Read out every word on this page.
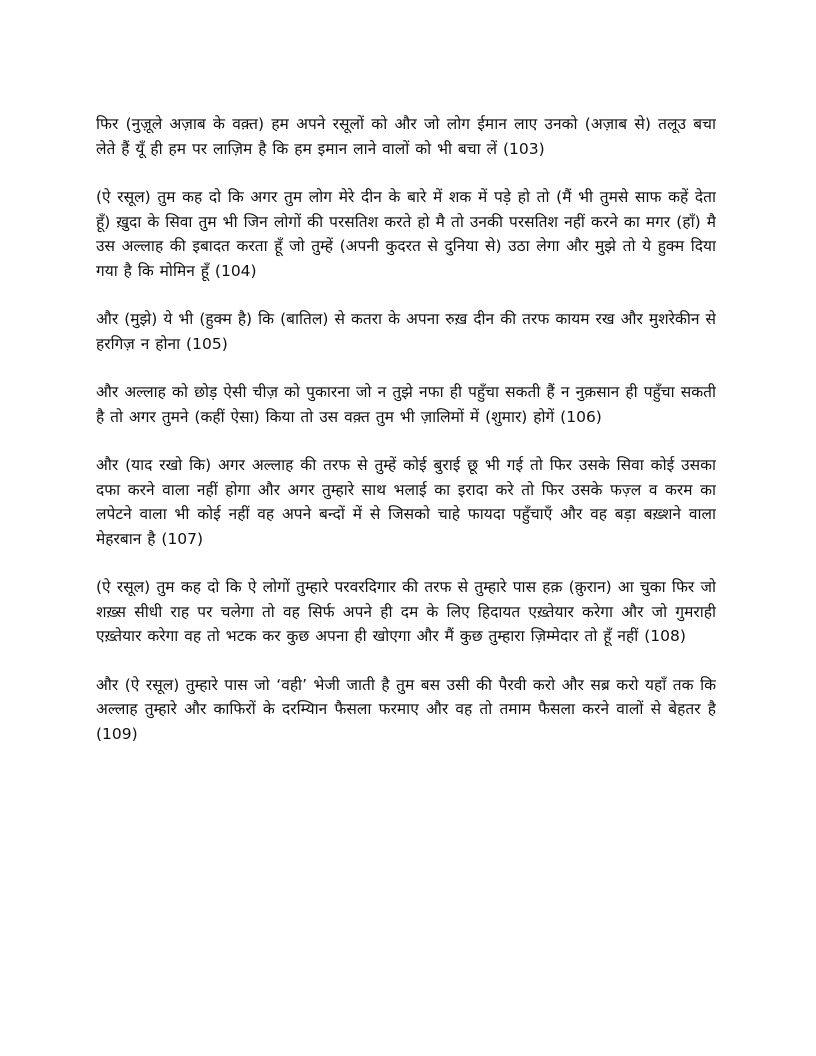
फिर (नुज़ूले अज़ाब के वक़्त) हम अपने रसूलों को और जो लोग ईमान लाए उनको (अज़ाब से) तलूउ बचा लेते हैं यूँ ही हम पर लाज़िम है कि हम इमान लाने वालों को भी बचा लें (103)

(ऐ रसूल) तुम कह दो कि अगर तुम लोग मेरे दीन के बारे में शक में पड़े हो तो (मैं भी तुमसे साफ कहें देता हूँ) ख़ुदा के सिवा तुम भी जिन लोगों की परसतिश करते हो मै तो उनकी परसतिश नहीं करने का मगर (हाँ) मै उस अल्लाह की इबादत करता हूँ जो तुम्हें (अपनी कुदरत से दुनिया से) उठा लेगा और मुझे तो ये हुक्म दिया गया है कि मोमिन हूँ (104)

और (मुझे) ये भी (हुक्म है) कि (बातिल) से कतरा के अपना रुख़ दीन की तरफ कायम रख और मुशरेकीन से हरगिज़ न होना (105)

और अल्लाह को छोड़ ऐसी चीज़ को पुकारना जो न तुझे नफा ही पहुँचा सकती हैं न नुक़सान ही पहुँचा सकती है तो अगर तुमने (कहीं ऐसा) किया तो उस वक़्त तुम भी ज़ालिमों में (शुमार) होगें (106)

और (याद रखो कि) अगर अल्लाह की तरफ से तुम्हें कोई बुराई छू भी गई तो फिर उसके सिवा कोई उसका दफा करने वाला नहीं होगा और अगर तुम्हारे साथ भलाई का इरादा करे तो फिर उसके फज़्ल व करम का लपेटने वाला भी कोई नहीं वह अपने बन्दों में से जिसको चाहे फायदा पहुँचाएँ और वह बड़ा बख़्शने वाला मेहरबान है (107)

(ऐ रसूल) तुम कह दो कि ऐ लोगों तुम्हारे परवरदिगार की तरफ से तुम्हारे पास हक़ (क़ुरान) आ चुका फिर जो शख़्स सीधी राह पर चलेगा तो वह सिर्फ अपने ही दम के लिए हिदायत एख़्तेयार करेगा और जो गुमराही एख़्तेयार करेगा वह तो भटक कर कुछ अपना ही खोएगा और मैं कुछ तुम्हारा ज़िम्मेदार तो हूँ नहीं (108)

और (ऐ रसूल) तुम्हारे पास जो ‘वही’ भेजी जाती है तुम बस उसी की पैरवी करो और सब्र करो यहाँ तक कि अल्लाह तुम्हारे और काफिरों के दरम्यिान फैसला फरमाए और वह तो तमाम फैसला करने वालों से बेहतर है (109)
